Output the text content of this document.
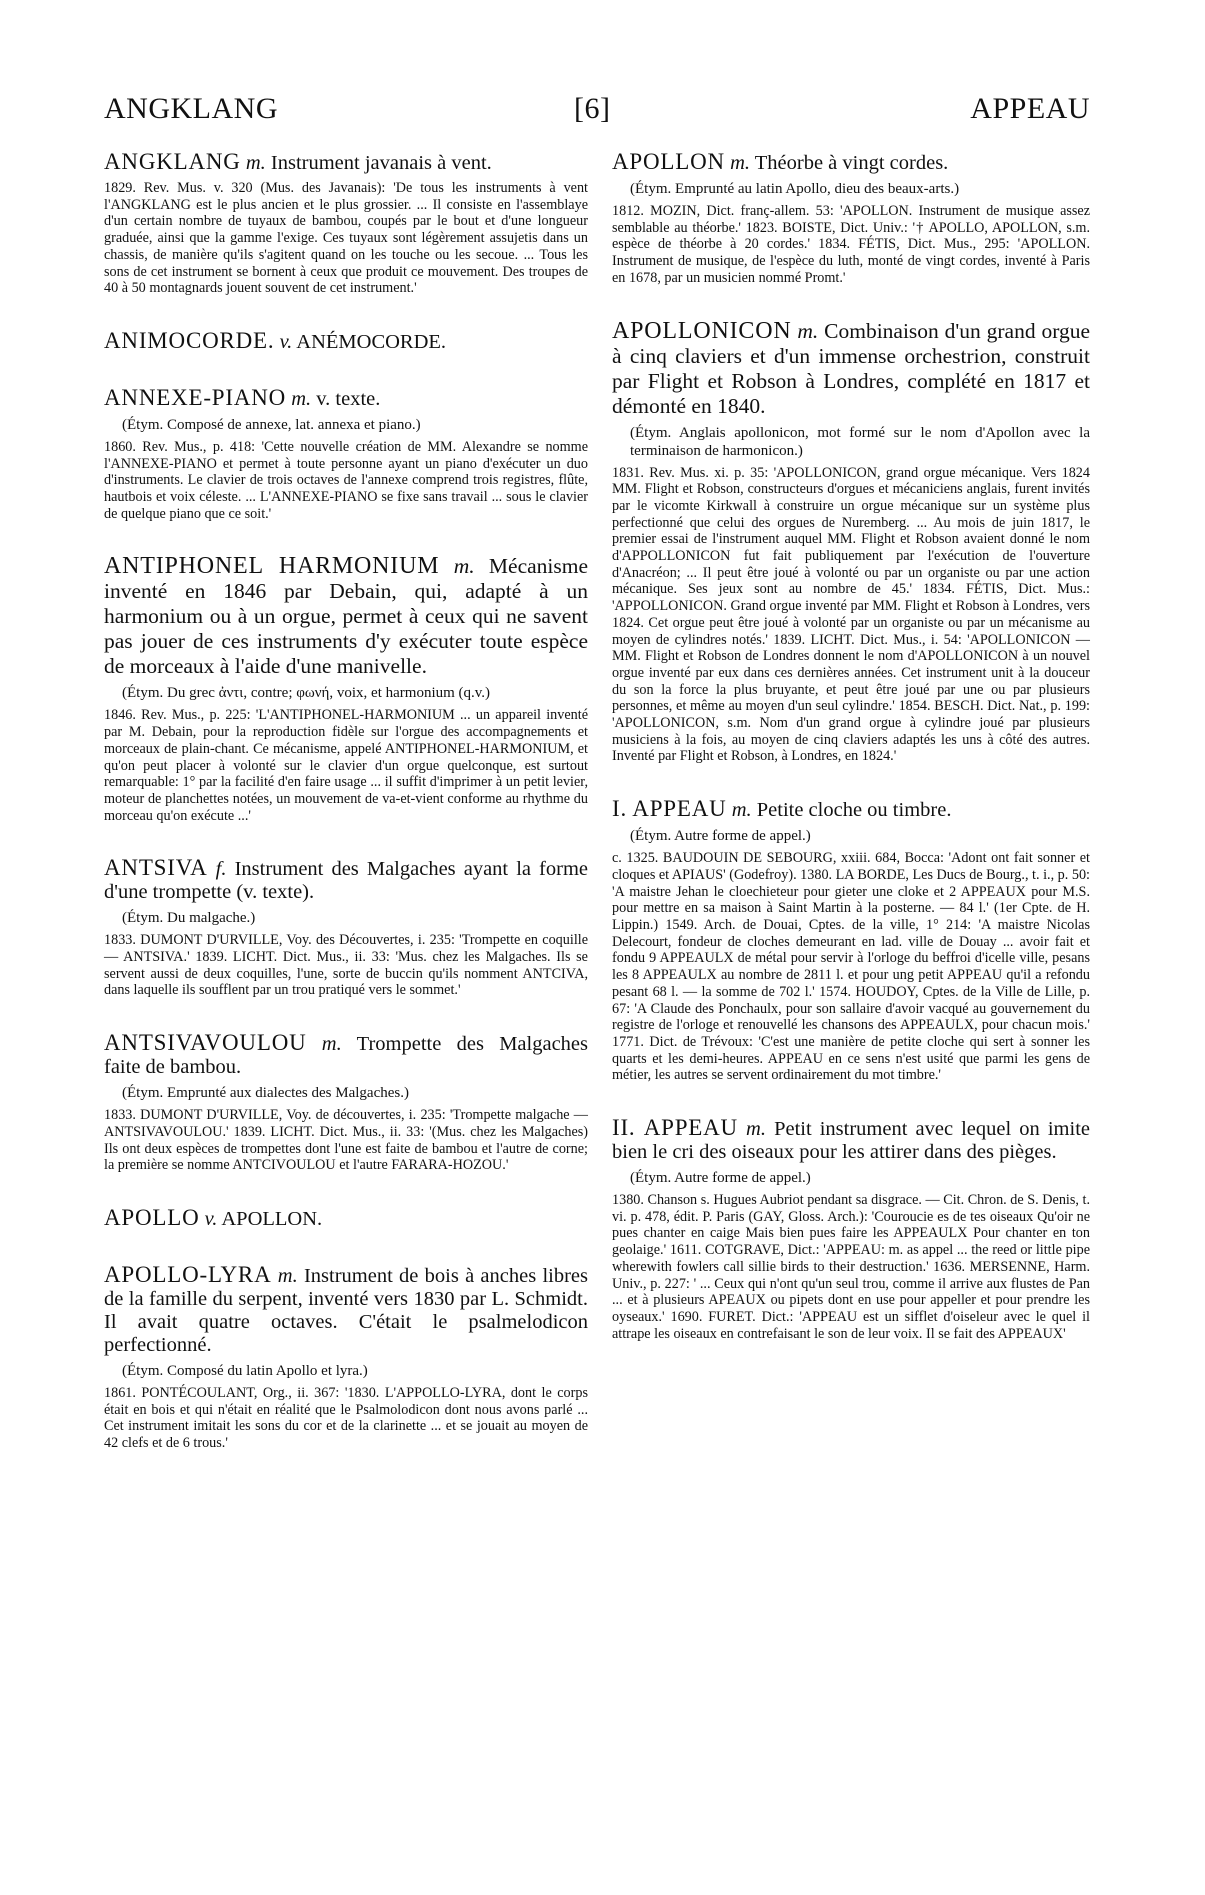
ANGKLANG	[6]	APPEAU

ANGKLANG m. Instrument javanais à vent.

1829. Rev. Mus. v. 320 (Mus. des Javanais): 'De tous les instruments à vent l'ANGKLANG est le plus ancien et le plus grossier. ... Il consiste en l'assemblaye d'un certain nombre de tuyaux de bambou, coupés par le bout et d'une longueur graduée, ainsi que la gamme l'exige. Ces tuyaux sont légèrement assujetis dans un chassis, de manière qu'ils s'agitent quand on les touche ou les secoue. ... Tous les sons de cet instrument se bornent à ceux que produit ce mouvement. Des troupes de 40 à 50 montagnards jouent souvent de cet instrument.'

ANIMOCORDE. v. ANÉMOCORDE.

ANNEXE-PIANO m. v. texte.

(Étym. Composé de annexe, lat. annexa et piano.)

1860. Rev. Mus., p. 418: 'Cette nouvelle création de MM. Alexandre se nomme l'ANNEXE-PIANO et permet à toute personne ayant un piano d'exécuter un duo d'instruments. Le clavier de trois octaves de l'annexe comprend trois registres, flûte, hautbois et voix céleste. ... L'ANNEXE-PIANO se fixe sans travail ... sous le clavier de quelque piano que ce soit.'

ANTIPHONEL HARMONIUM m. Mécanisme inventé en 1846 par Debain, qui, adapté à un harmonium ou à un orgue, permet à ceux qui ne savent pas jouer de ces instruments d'y exécuter toute espèce de morceaux à l'aide d'une manivelle.

(Étym. Du grec ἀντι, contre; φωνή, voix, et harmonium (q.v.)

1846. Rev. Mus., p. 225: 'L'ANTIPHONEL-HARMONIUM ... un appareil inventé par M. Debain, pour la reproduction fidèle sur l'orgue des accompagnements et morceaux de plain-chant. Ce mécanisme, appelé ANTIPHONEL-HARMONIUM, et qu'on peut placer à volonté sur le clavier d'un orgue quelconque, est surtout remarquable: 1° par la facilité d'en faire usage ... il suffit d'imprimer à un petit levier, moteur de planchettes notées, un mouvement de va-et-vient conforme au rhythme du morceau qu'on exécute ...'

ANTSIVA f. Instrument des Malgaches ayant la forme d'une trompette (v. texte).

(Étym. Du malgache.)

1833. DUMONT D'URVILLE, Voy. des Découvertes, i. 235: 'Trompette en coquille — ANTSIVA.' 1839. LICHT. Dict. Mus., ii. 33: 'Mus. chez les Malgaches. Ils se servent aussi de deux coquilles, l'une, sorte de buccin qu'ils nomment ANTCIVA, dans laquelle ils soufflent par un trou pratiqué vers le sommet.'

ANTSIVAVOULOU m. Trompette des Malgaches faite de bambou.

(Étym. Emprunté aux dialectes des Malgaches.)

1833. DUMONT D'URVILLE, Voy. de découvertes, i. 235: 'Trompette malgache — ANTSIVAVOULOU.' 1839. LICHT. Dict. Mus., ii. 33: '(Mus. chez les Malgaches) Ils ont deux espèces de trompettes dont l'une est faite de bambou et l'autre de corne; la première se nomme ANTCIVOULOU et l'autre FARARA-HOZOU.'

APOLLO v. APOLLON.

APOLLO-LYRA m. Instrument de bois à anches libres de la famille du serpent, inventé vers 1830 par L. Schmidt. Il avait quatre octaves. C'était le psalmelodicon perfectionné.

(Étym. Composé du latin Apollo et lyra.)

1861. PONTÉCOULANT, Org., ii. 367: '1830. L'APPOLLO-LYRA, dont le corps était en bois et qui n'était en réalité que le Psalmolodicon dont nous avons parlé ... Cet instrument imitait les sons du cor et de la clarinette ... et se jouait au moyen de 42 clefs et de 6 trous.'

APOLLON m. Théorbe à vingt cordes.

(Étym. Emprunté au latin Apollo, dieu des beaux-arts.)

1812. MOZIN, Dict. franç-allem. 53: 'APOLLON. Instrument de musique assez semblable au théorbe.' 1823. BOISTE, Dict. Univ.: '† APOLLO, APOLLON, s.m. espèce de théorbe à 20 cordes.' 1834. FÉTIS, Dict. Mus., 295: 'APOLLON. Instrument de musique, de l'espèce du luth, monté de vingt cordes, inventé à Paris en 1678, par un musicien nommé Promt.'

APOLLONICON m. Combinaison d'un grand orgue à cinq claviers et d'un immense orchestrion, construit par Flight et Robson à Londres, complété en 1817 et démonté en 1840.

(Étym. Anglais apollonicon, mot formé sur le nom d'Apollon avec la terminaison de harmonicon.)

1831. Rev. Mus. xi. p. 35: 'APOLLONICON, grand orgue mécanique. Vers 1824 MM. Flight et Robson, constructeurs d'orgues et mécaniciens anglais, furent invités par le vicomte Kirkwall à construire un orgue mécanique sur un système plus perfectionné que celui des orgues de Nuremberg. ... Au mois de juin 1817, le premier essai de l'instrument auquel MM. Flight et Robson avaient donné le nom d'APPOLLONICON fut fait publiquement par l'exécution de l'ouverture d'Anacréon; ... Il peut être joué à volonté ou par un organiste ou par une action mécanique. Ses jeux sont au nombre de 45.' 1834. FÉTIS, Dict. Mus.: 'APPOLLONICON. Grand orgue inventé par MM. Flight et Robson à Londres, vers 1824. Cet orgue peut être joué à volonté par un organiste ou par un mécanisme au moyen de cylindres notés.' 1839. LICHT. Dict. Mus., i. 54: 'APOLLONICON — MM. Flight et Robson de Londres donnent le nom d'APOLLONICON à un nouvel orgue inventé par eux dans ces dernières années. Cet instrument unit à la douceur du son la force la plus bruyante, et peut être joué par une ou par plusieurs personnes, et même au moyen d'un seul cylindre.' 1854. BESCH. Dict. Nat., p. 199: 'APOLLONICON, s.m. Nom d'un grand orgue à cylindre joué par plusieurs musiciens à la fois, au moyen de cinq claviers adaptés les uns à côté des autres. Inventé par Flight et Robson, à Londres, en 1824.'

I. APPEAU m. Petite cloche ou timbre.

(Étym. Autre forme de appel.)

c. 1325. BAUDOUIN DE SEBOURG, xxiii. 684, Bocca: 'Adont ont fait sonner et cloques et APIAUS' (Godefroy). 1380. LA BORDE, Les Ducs de Bourg., t. i., p. 50: 'A maistre Jehan le cloechieteur pour gieter une cloke et 2 APPEAUX pour M.S. pour mettre en sa maison à Saint Martin à la posterne. — 84 l.' (1er Cpte. de H. Lippin.) 1549. Arch. de Douai, Cptes. de la ville, 1° 214: 'A maistre Nicolas Delecourt, fondeur de cloches demeurant en lad. ville de Douay ... avoir fait et fondu 9 APPEAULX de métal pour servir à l'orloge du beffroi d'icelle ville, pesans les 8 APPEAULX au nombre de 2811 l. et pour ung petit APPEAU qu'il a refondu pesant 68 l. — la somme de 702 l.' 1574. HOUDOY, Cptes. de la Ville de Lille, p. 67: 'A Claude des Ponchaulx, pour son sallaire d'avoir vacqué au gouvernement du registre de l'orloge et renouvellé les chansons des APPEAULX, pour chacun mois.' 1771. Dict. de Trévoux: 'C'est une manière de petite cloche qui sert à sonner les quarts et les demi-heures. APPEAU en ce sens n'est usité que parmi les gens de métier, les autres se servent ordinairement du mot timbre.'

II. APPEAU m. Petit instrument avec lequel on imite bien le cri des oiseaux pour les attirer dans des pièges.

(Étym. Autre forme de appel.)

1380. Chanson s. Hugues Aubriot pendant sa disgrace. — Cit. Chron. de S. Denis, t. vi. p. 478, édit. P. Paris (GAY, Gloss. Arch.): 'Couroucie es de tes oiseaux Qu'oir ne pues chanter en caige Mais bien pues faire les APPEAULX Pour chanter en ton geolaige.' 1611. COTGRAVE, Dict.: 'APPEAU: m. as appel ... the reed or little pipe wherewith fowlers call sillie birds to their destruction.' 1636. MERSENNE, Harm. Univ., p. 227: ' ... Ceux qui n'ont qu'un seul trou, comme il arrive aux flustes de Pan ... et à plusieurs APEAUX ou pipets dont en use pour appeller et pour prendre les oyseaux.' 1690. FURET. Dict.: 'APPEAU est un sifflet d'oiseleur avec le quel il attrape les oiseaux en contrefaisant le son de leur voix. Il se fait des APPEAUX'
